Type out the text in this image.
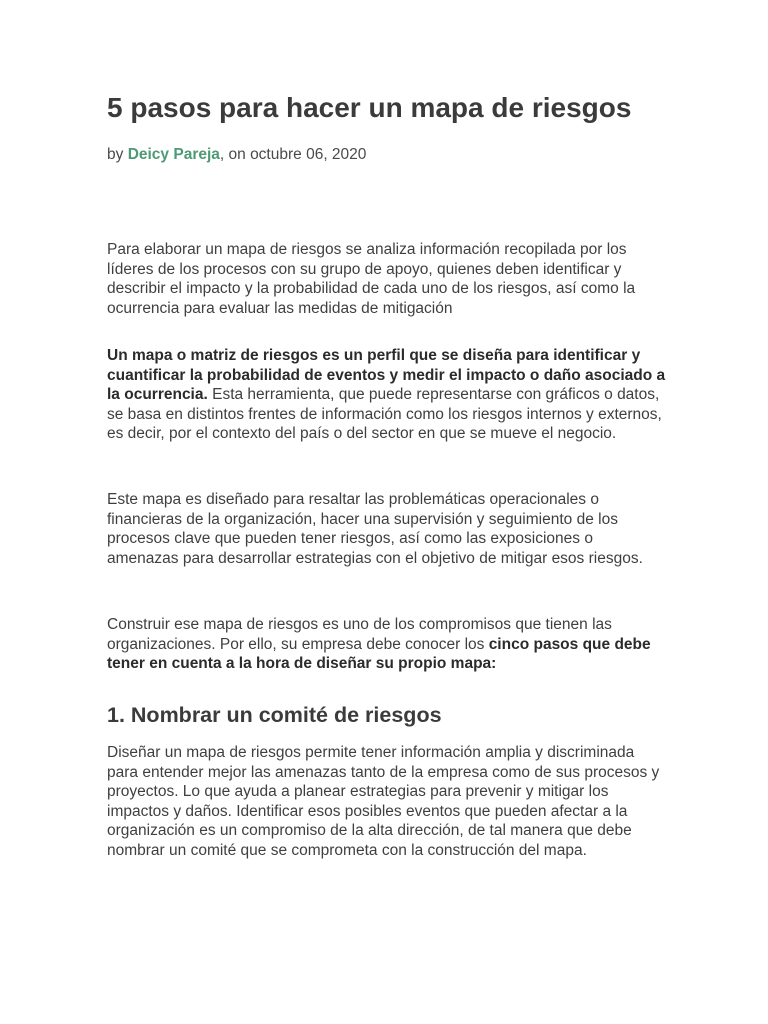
5 pasos para hacer un mapa de riesgos
by Deicy Pareja, on octubre 06, 2020

Para elaborar un mapa de riesgos se analiza información recopilada por los líderes de los procesos con su grupo de apoyo, quienes deben identificar y describir el impacto y la probabilidad de cada uno de los riesgos, así como la ocurrencia para evaluar las medidas de mitigación

Un mapa o matriz de riesgos es un perfil que se diseña para identificar y cuantificar la probabilidad de eventos y medir el impacto o daño asociado a la ocurrencia. Esta herramienta, que puede representarse con gráficos o datos, se basa en distintos frentes de información como los riesgos internos y externos, es decir, por el contexto del país o del sector en que se mueve el negocio.

Este mapa es diseñado para resaltar las problemáticas operacionales o financieras de la organización, hacer una supervisión y seguimiento de los procesos clave que pueden tener riesgos, así como las exposiciones o amenazas para desarrollar estrategias con el objetivo de mitigar esos riesgos.

Construir ese mapa de riesgos es uno de los compromisos que tienen las organizaciones. Por ello, su empresa debe conocer los cinco pasos que debe tener en cuenta a la hora de diseñar su propio mapa:

1. Nombrar un comité de riesgos

Diseñar un mapa de riesgos permite tener información amplia y discriminada para entender mejor las amenazas tanto de la empresa como de sus procesos y proyectos. Lo que ayuda a planear estrategias para prevenir y mitigar los impactos y daños. Identificar esos posibles eventos que pueden afectar a la organización es un compromiso de la alta dirección, de tal manera que debe nombrar un comité que se comprometa con la construcción del mapa.
